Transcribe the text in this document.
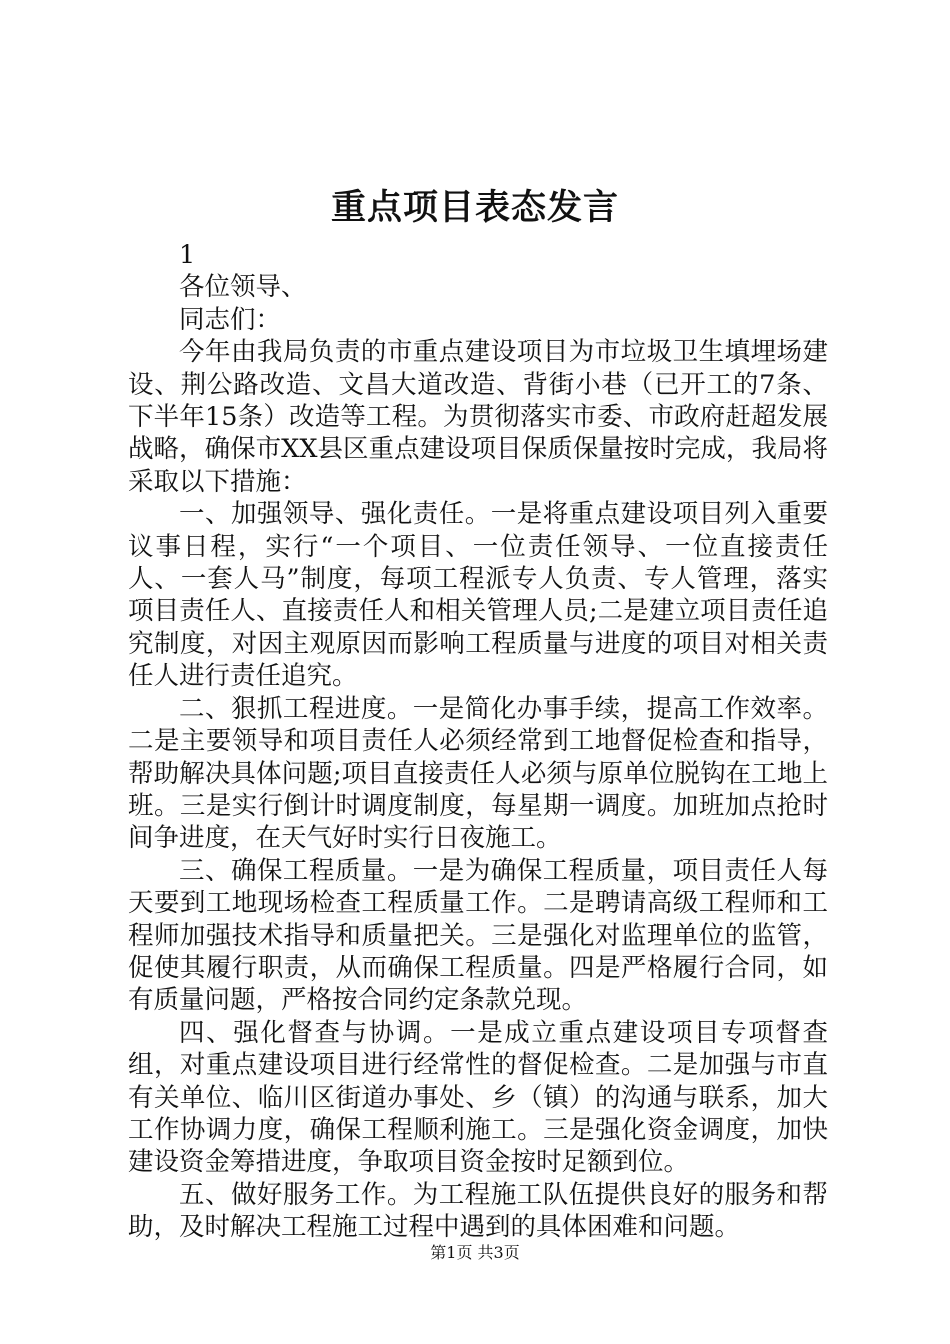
重点项目表态发言

1

各位领导、

同志们：

今年由我局负责的市重点建设项目为市垃圾卫生填埋场建设、荆公路改造、文昌大道改造、背街小巷（已开工的7条、下半年15条）改造等工程。为贯彻落实市委、市政府赶超发展战略，确保市XX县区重点建设项目保质保量按时完成，我局将采取以下措施：

一、加强领导、强化责任。一是将重点建设项目列入重要议事日程，实行“一个项目、一位责任领导、一位直接责任人、一套人马”制度，每项工程派专人负责、专人管理，落实项目责任人、直接责任人和相关管理人员;二是建立项目责任追究制度，对因主观原因而影响工程质量与进度的项目对相关责任人进行责任追究。

二、狠抓工程进度。一是简化办事手续，提高工作效率。二是主要领导和项目责任人必须经常到工地督促检查和指导，帮助解决具体问题;项目直接责任人必须与原单位脱钩在工地上班。三是实行倒计时调度制度，每星期一调度。加班加点抢时间争进度，在天气好时实行日夜施工。

三、确保工程质量。一是为确保工程质量，项目责任人每天要到工地现场检查工程质量工作。二是聘请高级工程师和工程师加强技术指导和质量把关。三是强化对监理单位的监管，促使其履行职责，从而确保工程质量。四是严格履行合同，如有质量问题，严格按合同约定条款兑现。

四、强化督查与协调。一是成立重点建设项目专项督查组，对重点建设项目进行经常性的督促检查。二是加强与市直有关单位、临川区街道办事处、乡（镇）的沟通与联系，加大工作协调力度，确保工程顺利施工。三是强化资金调度，加快建设资金筹措进度，争取项目资金按时足额到位。

五、做好服务工作。为工程施工队伍提供良好的服务和帮助，及时解决工程施工过程中遇到的具体困难和问题。

第1页 共3页
